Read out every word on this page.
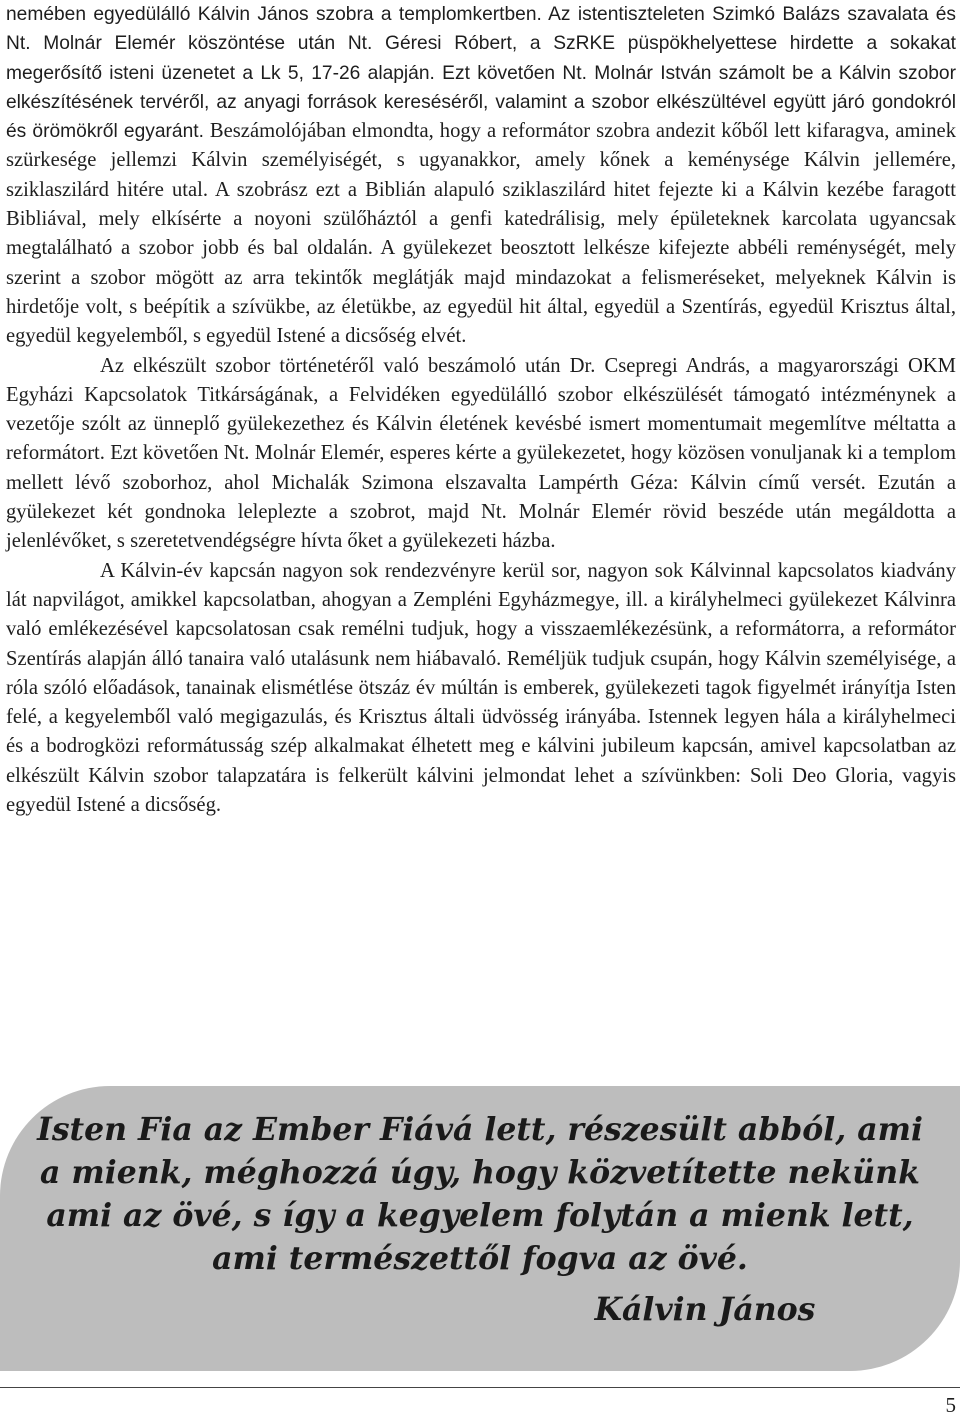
nemében egyedülálló Kálvin János szobra a templomkertben. Az istentiszteleten Szimkó Balázs szavalata és Nt. Molnár Elemér köszöntése után Nt. Géresi Róbert, a SzRKE püspökhelyettese hirdette a sokakat megerősítő isteni üzenetet a Lk 5, 17-26 alapján. Ezt követően Nt. Molnár István számolt be a Kálvin szobor elkészítésének tervéről, az anyagi források kereséséről, valamint a szobor elkészültével együtt járó gondokról és örömökről egyaránt. Beszámolójában elmondta, hogy a reformátor szobra andezit kőből lett kifaragva, aminek szürkesége jellemzi Kálvin személyiségét, s ugyanakkor, amely kőnek a keménysége Kálvin jellemére, sziklaszilárd hitére utal. A szobrász ezt a Biblián alapuló sziklaszilárd hitet fejezte ki a Kálvin kezébe faragott Bibliával, mely elkísérte a noyoni szülőháztól a genfi katedrálisig, mely épületeknek karcolata ugyancsak megtalálható a szobor jobb és bal oldalán. A gyülekezet beosztott lelkésze kifejezte abbéli reménységét, mely szerint a szobor mögött az arra tekintők meglátják majd mindazokat a felismeréseket, melyeknek Kálvin is hirdetője volt, s beépítik a szívükbe, az életükbe, az egyedül hit által, egyedül a Szentírás, egyedül Krisztus által, egyedül kegyelemből, s egyedül Istené a dicsőség elvét.

Az elkészült szobor történetéről való beszámoló után Dr. Csepregi András, a magyarországi OKM Egyházi Kapcsolatok Titkárságának, a Felvidéken egyedülálló szobor elkészülését támogató intézménynek a vezetője szólt az ünneplő gyülekezethez és Kálvin életének kevésbé ismert momentumait megemlítve méltatta a reformátort. Ezt követően Nt. Molnár Elemér, esperes kérte a gyülekezetet, hogy közösen vonuljanak ki a templom mellett lévő szoborhoz, ahol Michalák Szimona elszavalta Lampérth Géza: Kálvin című versét. Ezután a gyülekezet két gondnoka leleplezte a szobrot, majd Nt. Molnár Elemér rövid beszéde után megáldotta a jelenlévőket, s szeretetvendégségre hívta őket a gyülekezeti házba.

A Kálvin-év kapcsán nagyon sok rendezvényre kerül sor, nagyon sok Kálvinnal kapcsolatos kiadvány lát napvilágot, amikkel kapcsolatban, ahogyan a Zempléni Egyházmegye, ill. a királyhelmeci gyülekezet Kálvinra való emlékezésével kapcsolatosan csak remélni tudjuk, hogy a visszaemlékezésünk, a reformátorra, a reformátor Szentírás alapján álló tanaira való utalásunk nem hiábavaló. Reméljük tudjuk csupán, hogy Kálvin személyisége, a róla szóló előadások, tanainak elismétlése ötszáz év múltán is emberek, gyülekezeti tagok figyelmét irányítja Isten felé, a kegyelemből való megigazulás, és Krisztus általi üdvösség irányába. Istennek legyen hála a királyhelmeci és a bodrogközi reformátusság szép alkalmakat élhetett meg e kálvini jubileum kapcsán, amivel kapcsolatban az elkészült Kálvin szobor talapzatára is felkerült kálvini jelmondat lehet a szívünkben: Soli Deo Gloria, vagyis egyedül Istené a dicsőség.

Isten Fia az Ember Fiává lett, részesült abból, ami
a mienk, méghozzá úgy, hogy közvetítette nekünk
ami az övé, s így a kegyelem folytán a mienk lett,
ami természettől fogva az övé.
Kálvin János
5
